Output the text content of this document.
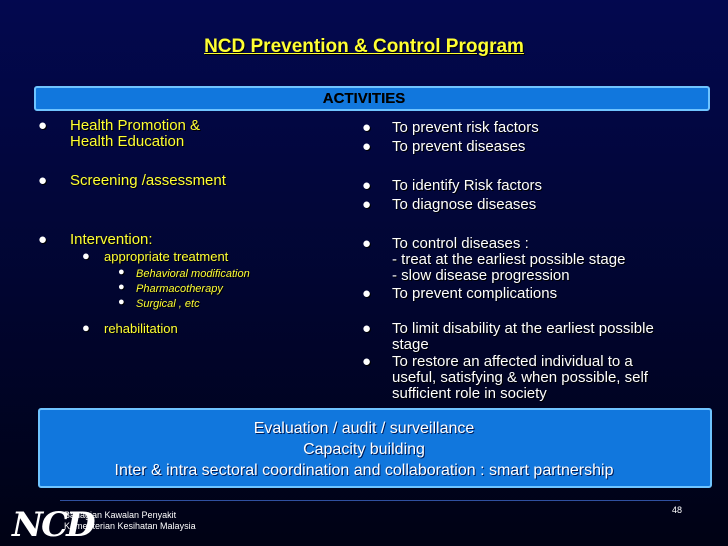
NCD Prevention & Control Program
ACTIVITIES
● Health Promotion &
Health Education
● Screening /assessment
● Intervention:
● appropriate treatment
● Behavioral modification
● Pharmacotherapy
● Surgical , etc
● rehabilitation
● To prevent risk factors
● To prevent diseases
● To identify Risk factors
● To diagnose diseases
● To control diseases :
- treat at the earliest possible stage
- slow disease progression
● To prevent complications
● To limit disability at the earliest possible
stage
● To restore an affected individual to a
useful, satisfying & when possible, self
sufficient role in society
Evaluation / audit / surveillance
Capacity building
Inter & intra sectoral coordination and collaboration : smart partnership
NCD
Bahagian Kawalan Penyakit
Kementerian Kesihatan Malaysia
48
